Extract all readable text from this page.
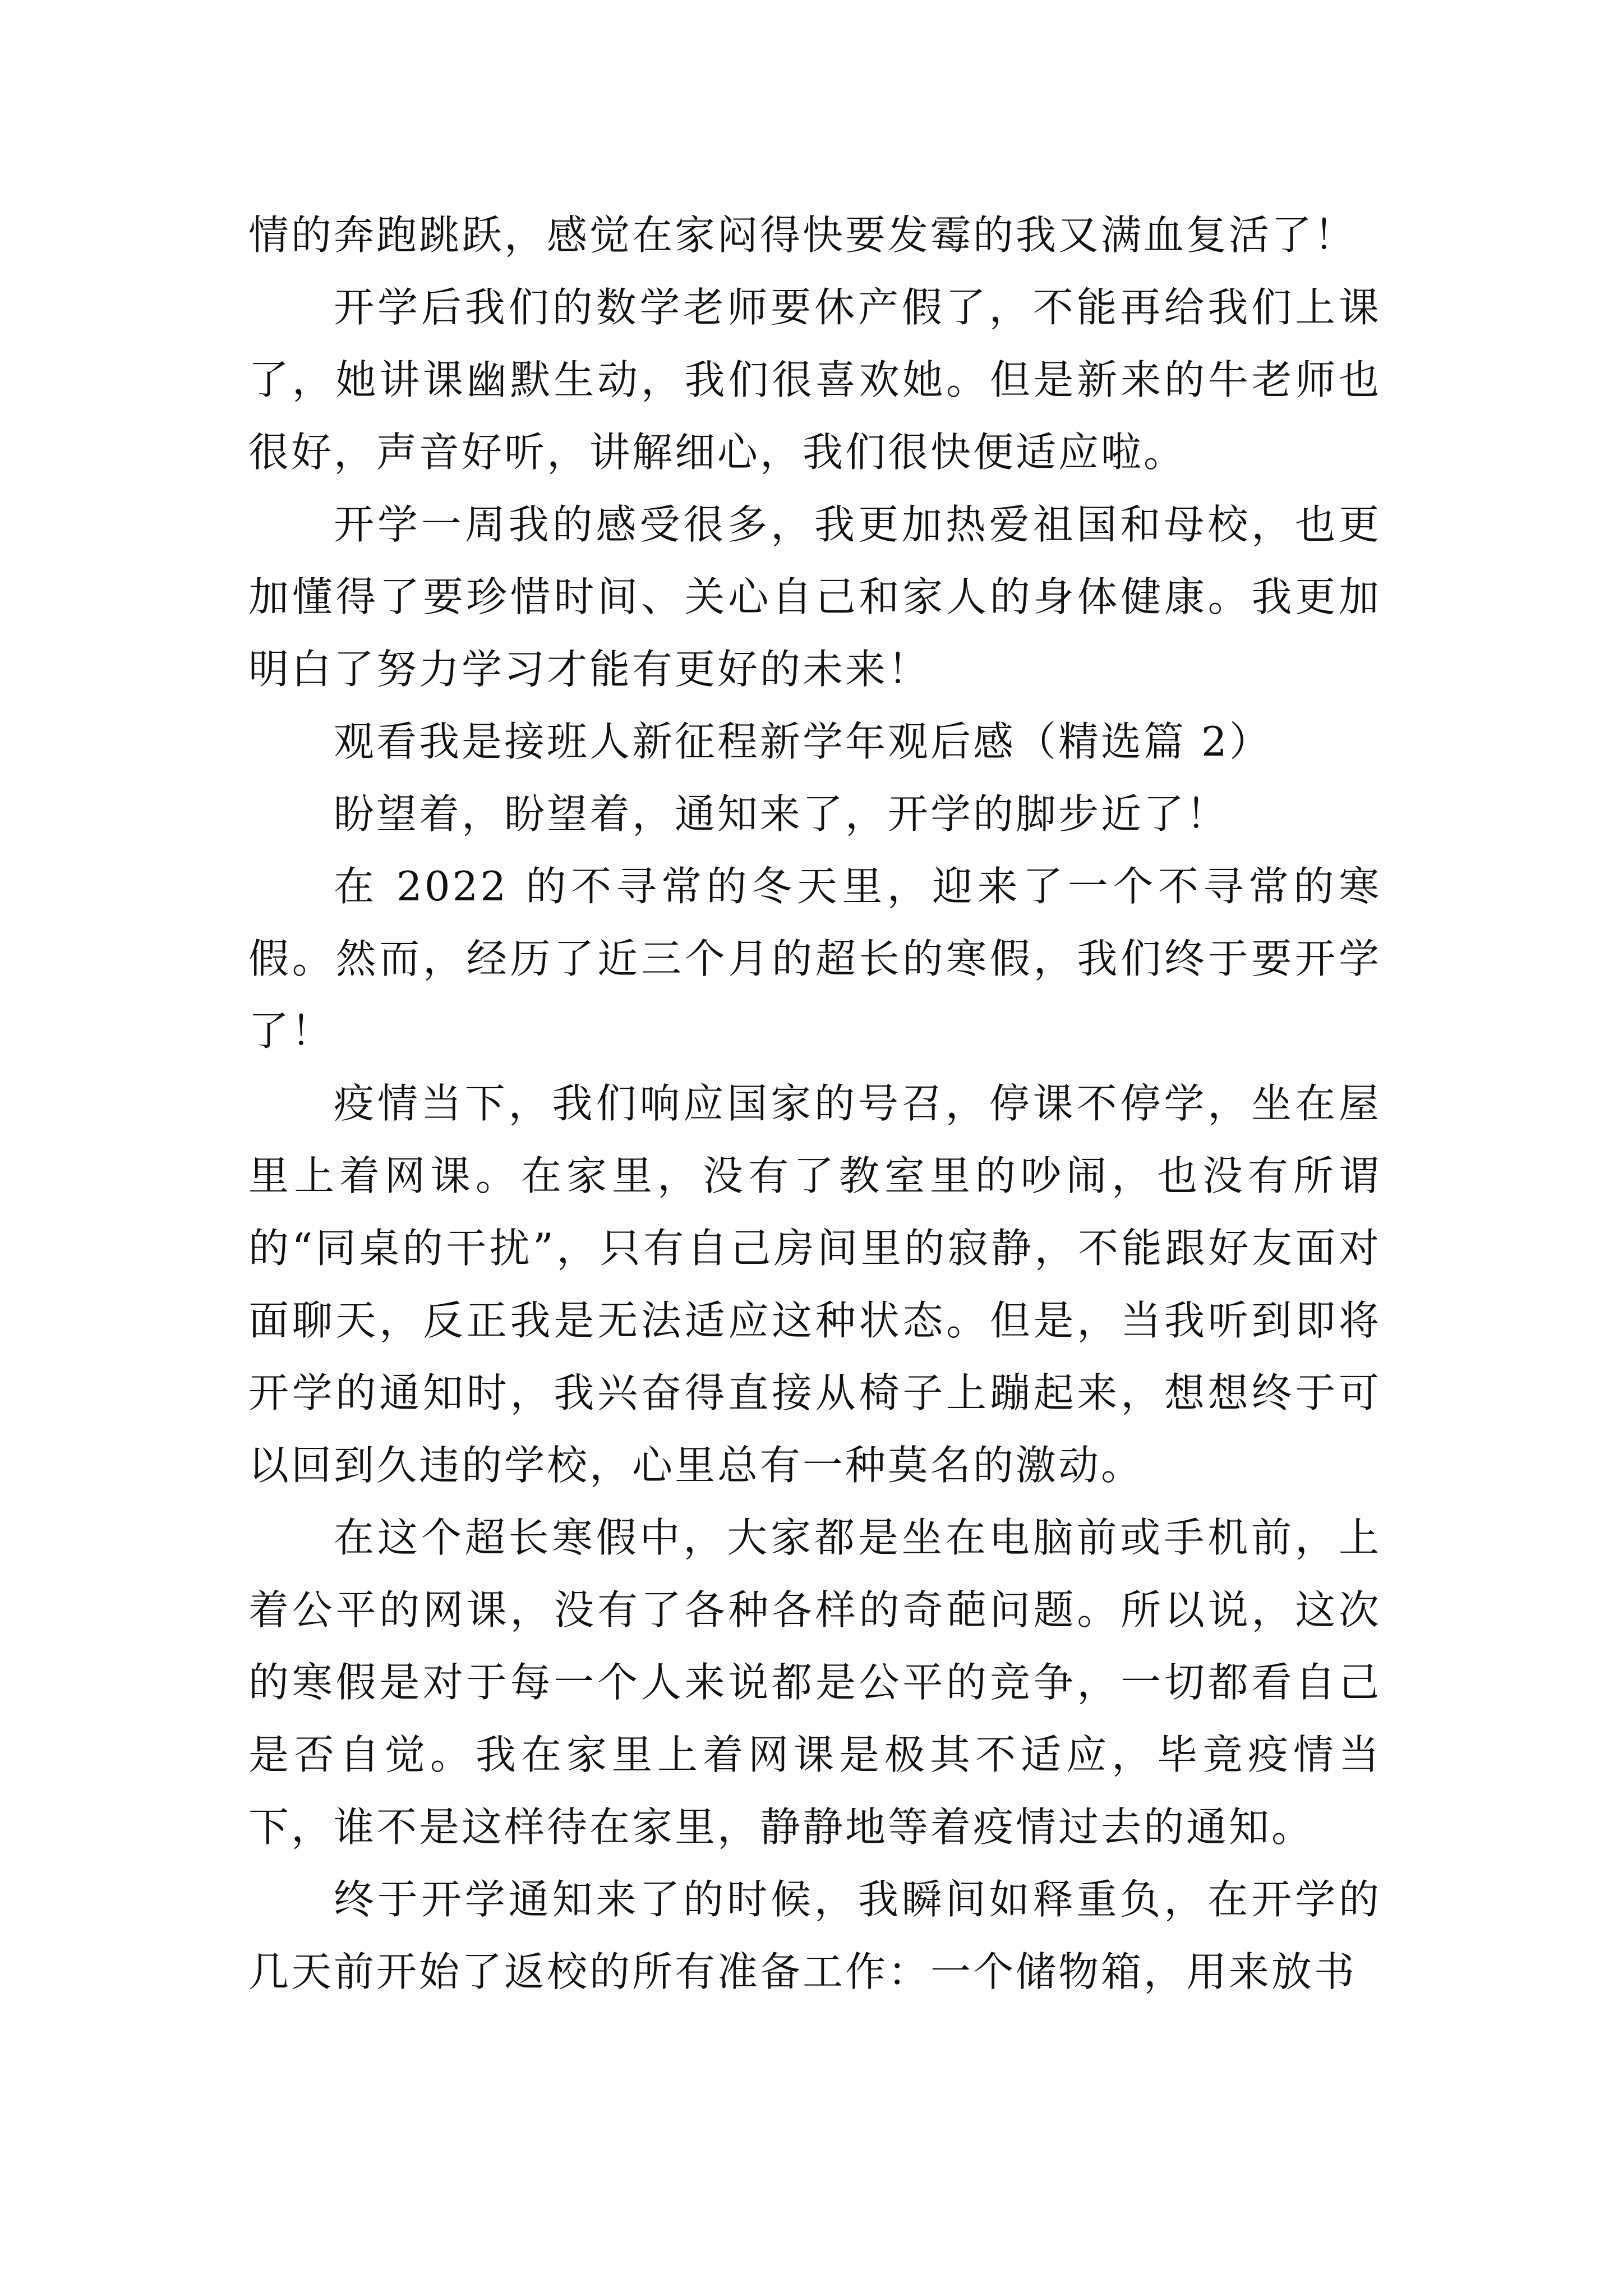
情的奔跑跳跃，感觉在家闷得快要发霉的我又满血复活了！

开学后我们的数学老师要休产假了，不能再给我们上课了，她讲课幽默生动，我们很喜欢她。但是新来的牛老师也很好，声音好听，讲解细心，我们很快便适应啦。

开学一周我的感受很多，我更加热爱祖国和母校，也更加懂得了要珍惜时间、关心自己和家人的身体健康。我更加明白了努力学习才能有更好的未来！

观看我是接班人新征程新学年观后感（精选篇 2）

盼望着，盼望着，通知来了，开学的脚步近了！

在 2022 的不寻常的冬天里，迎来了一个不寻常的寒假。然而，经历了近三个月的超长的寒假，我们终于要开学了！

疫情当下，我们响应国家的号召，停课不停学，坐在屋里上着网课。在家里，没有了教室里的吵闹，也没有所谓的“同桌的干扰”，只有自己房间里的寂静，不能跟好友面对面聊天，反正我是无法适应这种状态。但是，当我听到即将开学的通知时，我兴奋得直接从椅子上蹦起来，想想终于可以回到久违的学校，心里总有一种莫名的激动。

在这个超长寒假中，大家都是坐在电脑前或手机前，上着公平的网课，没有了各种各样的奇葩问题。所以说，这次的寒假是对于每一个人来说都是公平的竞争，一切都看自己是否自觉。我在家里上着网课是极其不适应，毕竟疫情当下，谁不是这样待在家里，静静地等着疫情过去的通知。

终于开学通知来了的时候，我瞬间如释重负，在开学的几天前开始了返校的所有准备工作：一个储物箱，用来放书
